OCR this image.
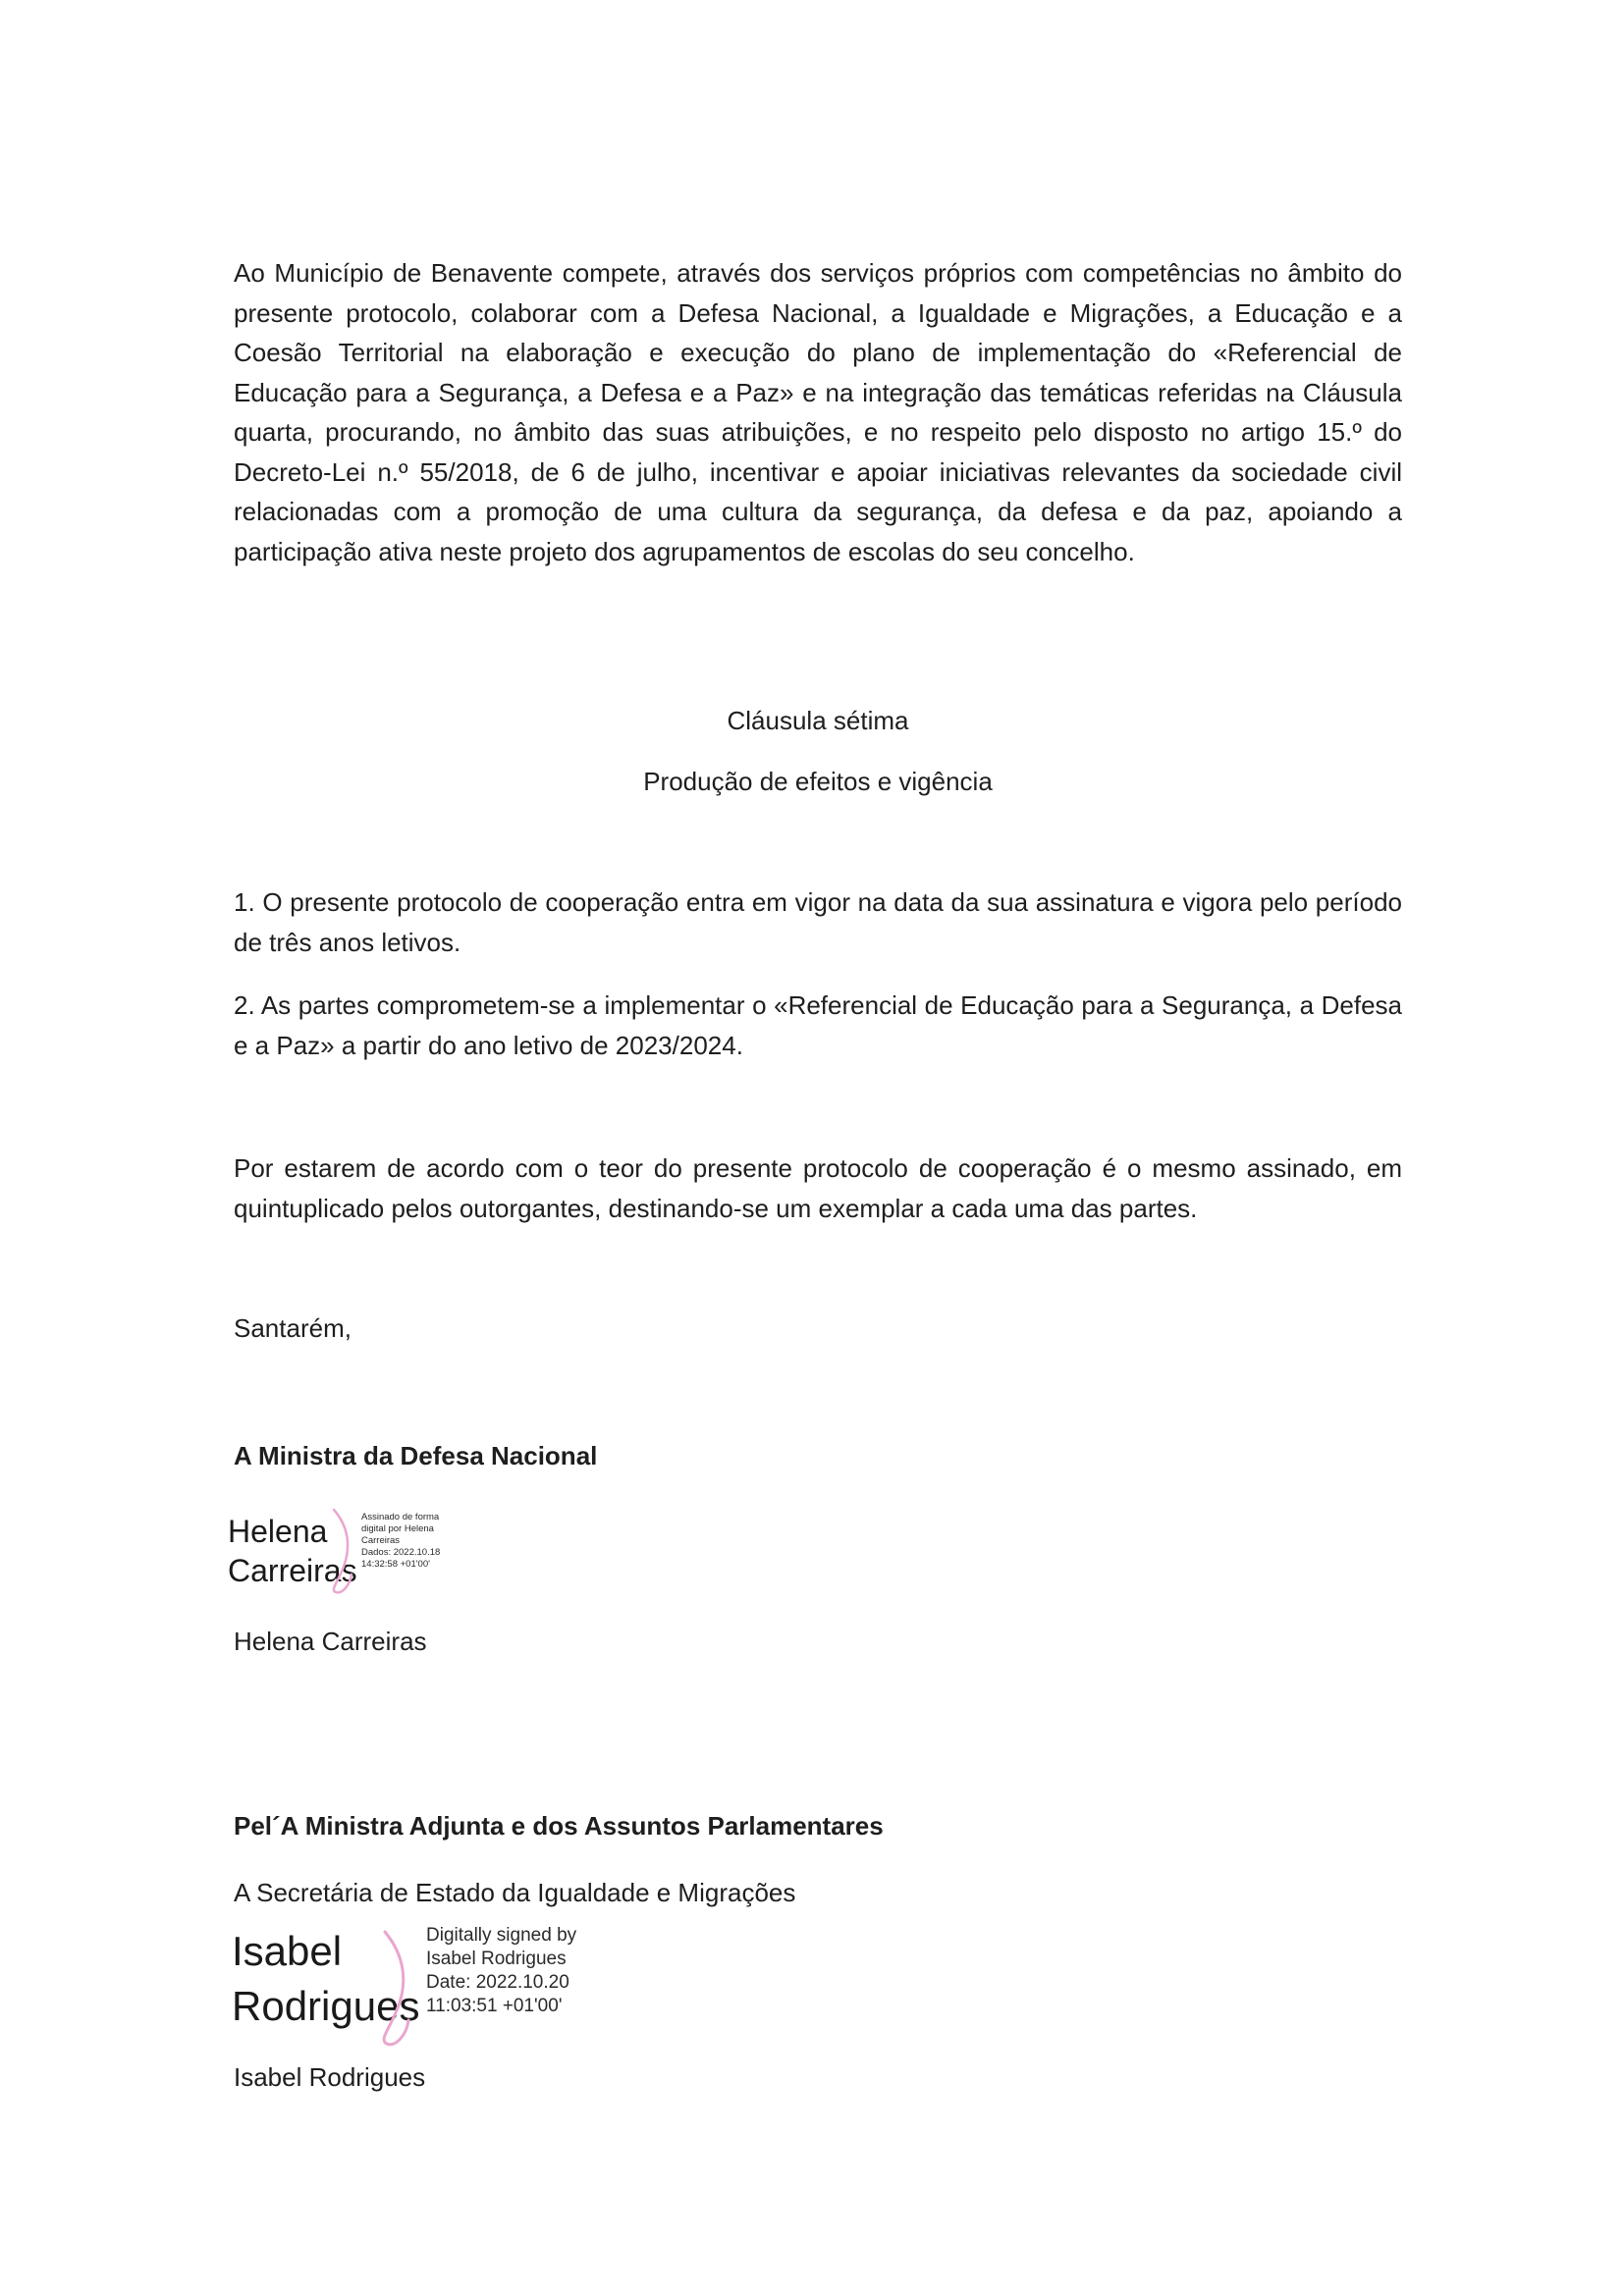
Ao Município de Benavente compete, através dos serviços próprios com competências no âmbito do presente protocolo, colaborar com a Defesa Nacional, a Igualdade e Migrações, a Educação e a Coesão Territorial na elaboração e execução do plano de implementação do «Referencial de Educação para a Segurança, a Defesa e a Paz» e na integração das temáticas referidas na Cláusula quarta, procurando, no âmbito das suas atribuições, e no respeito pelo disposto no artigo 15.º do Decreto-Lei n.º 55/2018, de 6 de julho, incentivar e apoiar iniciativas relevantes da sociedade civil relacionadas com a promoção de uma cultura da segurança, da defesa e da paz, apoiando a participação ativa neste projeto dos agrupamentos de escolas do seu concelho.

Cláusula sétima

Produção de efeitos e vigência

1. O presente protocolo de cooperação entra em vigor na data da sua assinatura e vigora pelo período de três anos letivos.

2. As partes comprometem-se a implementar o «Referencial de Educação para a Segurança, a Defesa e a Paz» a partir do ano letivo de 2023/2024.

Por estarem de acordo com o teor do presente protocolo de cooperação é o mesmo assinado, em quintuplicado pelos outorgantes, destinando-se um exemplar a cada uma das partes.

Santarém,

A Ministra da Defesa Nacional

Helena
Carreiras
Assinado de forma
digital por Helena
Carreiras
Dados: 2022.10.18
14:32:58 +01'00'

Helena Carreiras

Pel´A Ministra Adjunta e dos Assuntos Parlamentares

A Secretária de Estado da Igualdade e Migrações

Isabel
Rodrigues
Digitally signed by
Isabel Rodrigues
Date: 2022.10.20
11:03:51 +01'00'

Isabel Rodrigues
